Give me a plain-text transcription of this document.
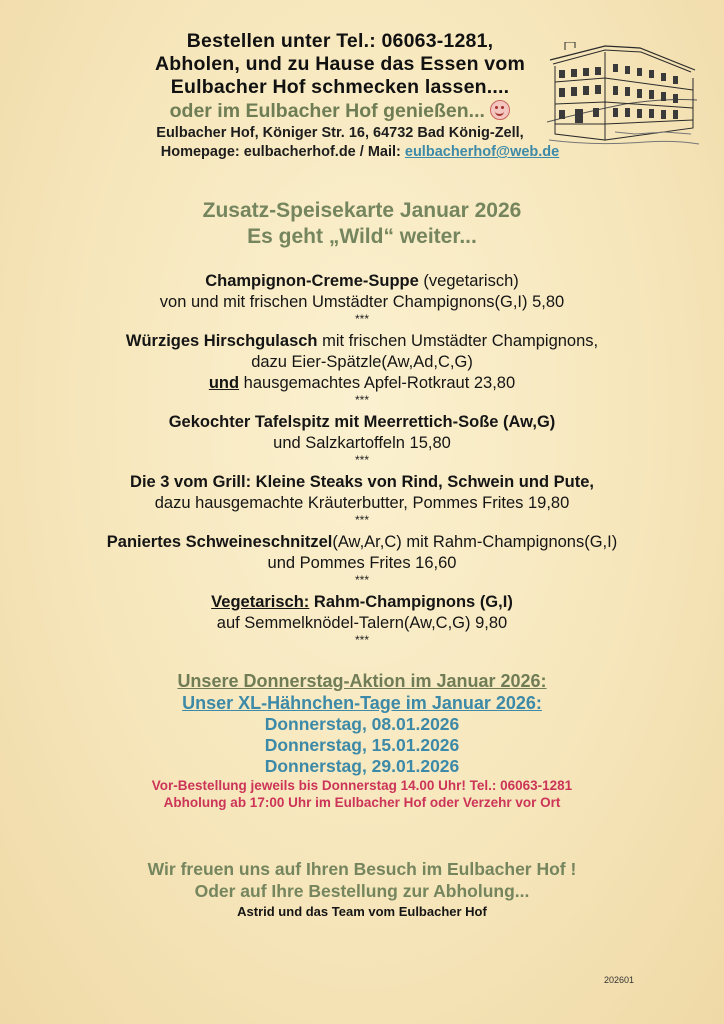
Bestellen unter Tel.: 06063-1281,
Abholen, und zu Hause das Essen vom
Eulbacher Hof schmecken lassen....
oder im Eulbacher Hof genießen...
Eulbacher Hof, Königer Str. 16, 64732 Bad König-Zell,
Homepage: eulbacherhof.de / Mail: eulbacherhof@web.de
Zusatz-Speisekarte Januar 2026
Es geht „Wild“ weiter...
Champignon-Creme-Suppe (vegetarisch)
von und mit frischen Umstädter Champignons(G,I) 5,80
***
Würziges Hirschgulasch mit frischen Umstädter Champignons,
dazu Eier-Spätzle(Aw,Ad,C,G)
und hausgemachtes Apfel-Rotkraut 23,80
***
Gekochter Tafelspitz mit Meerrettich-Soße (Aw,G)
und Salzkartoffeln 15,80
***
Die 3 vom Grill: Kleine Steaks von Rind, Schwein und Pute,
dazu hausgemachte Kräuterbutter, Pommes Frites 19,80
***
Paniertes Schweineschnitzel(Aw,Ar,C) mit Rahm-Champignons(G,I)
und Pommes Frites 16,60
***
Vegetarisch: Rahm-Champignons (G,I)
auf Semmelknödel-Talern(Aw,C,G) 9,80
***
Unsere Donnerstag-Aktion im Januar 2026:
Unser XL-Hähnchen-Tage im Januar 2026:
Donnerstag, 08.01.2026
Donnerstag, 15.01.2026
Donnerstag, 29.01.2026
Vor-Bestellung jeweils bis Donnerstag 14.00 Uhr! Tel.: 06063-1281
Abholung ab 17:00 Uhr im Eulbacher Hof oder Verzehr vor Ort
Wir freuen uns auf Ihren Besuch im Eulbacher Hof !
Oder auf Ihre Bestellung zur Abholung...
Astrid und das Team vom Eulbacher Hof
202601
